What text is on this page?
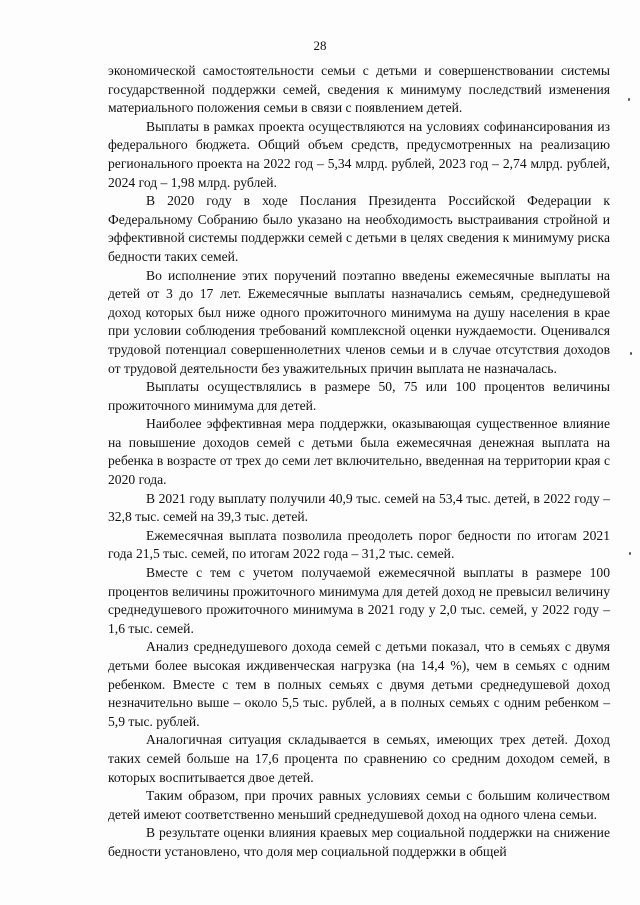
28

экономической самостоятельности семьи с детьми и совершенствовании системы государственной поддержки семей, сведения к минимуму последствий изменения материального положения семьи в связи с появлением детей.

Выплаты в рамках проекта осуществляются на условиях софинансирования из федерального бюджета. Общий объем средств, предусмотренных на реализацию регионального проекта на 2022 год – 5,34 млрд. рублей, 2023 год – 2,74 млрд. рублей, 2024 год – 1,98 млрд. рублей.

В 2020 году в ходе Послания Президента Российской Федерации к Федеральному Собранию было указано на необходимость выстраивания стройной и эффективной системы поддержки семей с детьми в целях сведения к минимуму риска бедности таких семей.

Во исполнение этих поручений поэтапно введены ежемесячные выплаты на детей от 3 до 17 лет. Ежемесячные выплаты назначались семьям, среднедушевой доход которых был ниже одного прожиточного минимума на душу населения в крае при условии соблюдения требований комплексной оценки нуждаемости. Оценивался трудовой потенциал совершеннолетних членов семьи и в случае отсутствия доходов от трудовой деятельности без уважительных причин выплата не назначалась.

Выплаты осуществлялись в размере 50, 75 или 100 процентов величины прожиточного минимума для детей.

Наиболее эффективная мера поддержки, оказывающая существенное влияние на повышение доходов семей с детьми была ежемесячная денежная выплата на ребенка в возрасте от трех до семи лет включительно, введенная на территории края с 2020 года.

В 2021 году выплату получили 40,9 тыс. семей на 53,4 тыс. детей, в 2022 году – 32,8 тыс. семей на 39,3 тыс. детей.

Ежемесячная выплата позволила преодолеть порог бедности по итогам 2021 года 21,5 тыс. семей, по итогам 2022 года – 31,2 тыс. семей.

Вместе с тем с учетом получаемой ежемесячной выплаты в размере 100 процентов величины прожиточного минимума для детей доход не превысил величину среднедушевого прожиточного минимума в 2021 году у 2,0 тыс. семей, у 2022 году – 1,6 тыс. семей.

Анализ среднедушевого дохода семей с детьми показал, что в семьях с двумя детьми более высокая иждивенческая нагрузка (на 14,4 %), чем в семьях с одним ребенком. Вместе с тем в полных семьях с двумя детьми среднедушевой доход незначительно выше – около 5,5 тыс. рублей, а в полных семьях с одним ребенком – 5,9 тыс. рублей.

Аналогичная ситуация складывается в семьях, имеющих трех детей. Доход таких семей больше на 17,6 процента по сравнению со средним доходом семей, в которых воспитывается двое детей.

Таким образом, при прочих равных условиях семьи с большим количеством детей имеют соответственно меньший среднедушевой доход на одного члена семьи.

В результате оценки влияния краевых мер социальной поддержки на снижение бедности установлено, что доля мер социальной поддержки в общей
